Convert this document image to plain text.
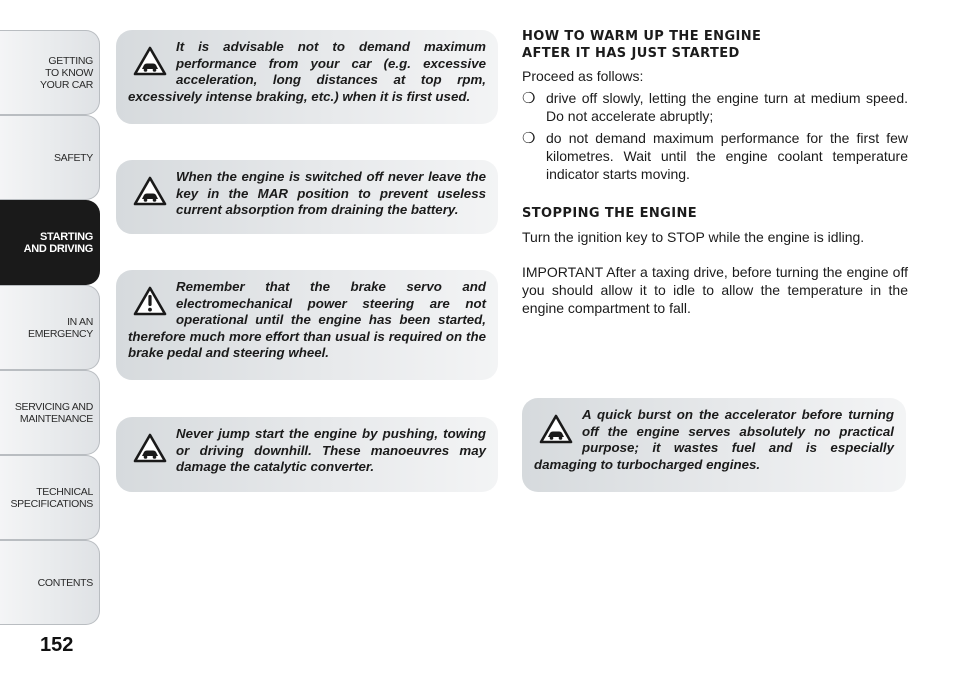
GETTING
TO KNOW
YOUR CAR
SAFETY
STARTING
AND DRIVING
IN AN
EMERGENCY
SERVICING AND
MAINTENANCE
TECHNICAL
SPECIFICATIONS
CONTENTS
152
It is advisable not to demand maximum performance from your car (e.g. excessive acceleration, long distances at top rpm, excessively intense braking, etc.) when it is first used.
When the engine is switched off never leave the key in the MAR position to prevent useless current absorption from draining the battery.
Remember that the brake servo and electromechanical power steering are not operational until the engine has been started, therefore much more effort than usual is required on the brake pedal and steering wheel.
Never jump start the engine by pushing, towing or driving downhill. These manoeuvres may damage the catalytic converter.
HOW TO WARM UP THE ENGINE
AFTER IT HAS JUST STARTED

Proceed as follows:

❍ drive off slowly, letting the engine turn at medium speed. Do not accelerate abruptly;
❍ do not demand maximum performance for the first few kilometres. Wait until the engine coolant temperature indicator starts moving.
STOPPING THE ENGINE

Turn the ignition key to STOP while the engine is idling.

IMPORTANT After a taxing drive, before turning the engine off you should allow it to idle to allow the temperature in the engine compartment to fall.

A quick burst on the accelerator before turning off the engine serves absolutely no practical purpose; it wastes fuel and is especially damaging to turbocharged engines.
